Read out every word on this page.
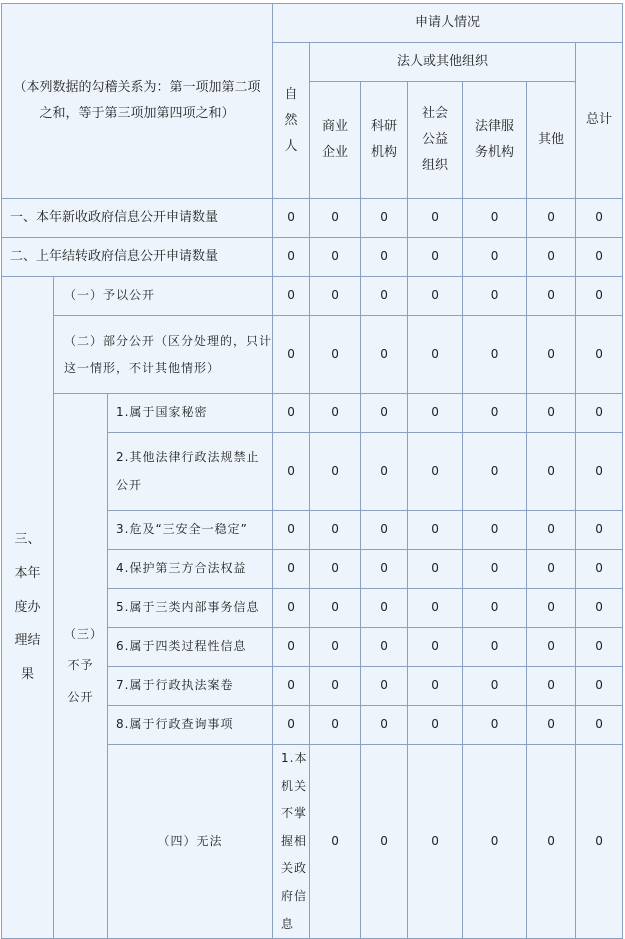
（本列数据的勾稽关系为：第一项加第二项之和，等于第三项加第四项之和）			申请人情况							
			自然人	法人或其他组织					总计	
				商业企业	科研机构	社会公益组织	法律服务机构	其他		
一、本年新收政府信息公开申请数量			0	0	0	0	0	0	0	
二、上年结转政府信息公开申请数量			0	0	0	0	0	0	0	
三、本年度办理结果	（一）予以公开		0	0	0	0	0	0	0	
	（二）部分公开（区分处理的，只计这一情形，不计其他情形）		0	0	0	0	0	0	0	
	（三）不予公开	1.属于国家秘密	0	0	0	0	0	0	0	
		2.其他法律行政法规禁止公开	0	0	0	0	0	0	0	
		3.危及“三安全一稳定”	0	0	0	0	0	0	0	
		4.保护第三方合法权益	0	0	0	0	0	0	0	
		5.属于三类内部事务信息	0	0	0	0	0	0	0	
		6.属于四类过程性信息	0	0	0	0	0	0	0	
		7.属于行政执法案卷	0	0	0	0	0	0	0	
		8.属于行政查询事项	0	0	0	0	0	0	0	
		（四）无法	1.本机关不掌握相关政府信息	0	0	0	0	0	0	
